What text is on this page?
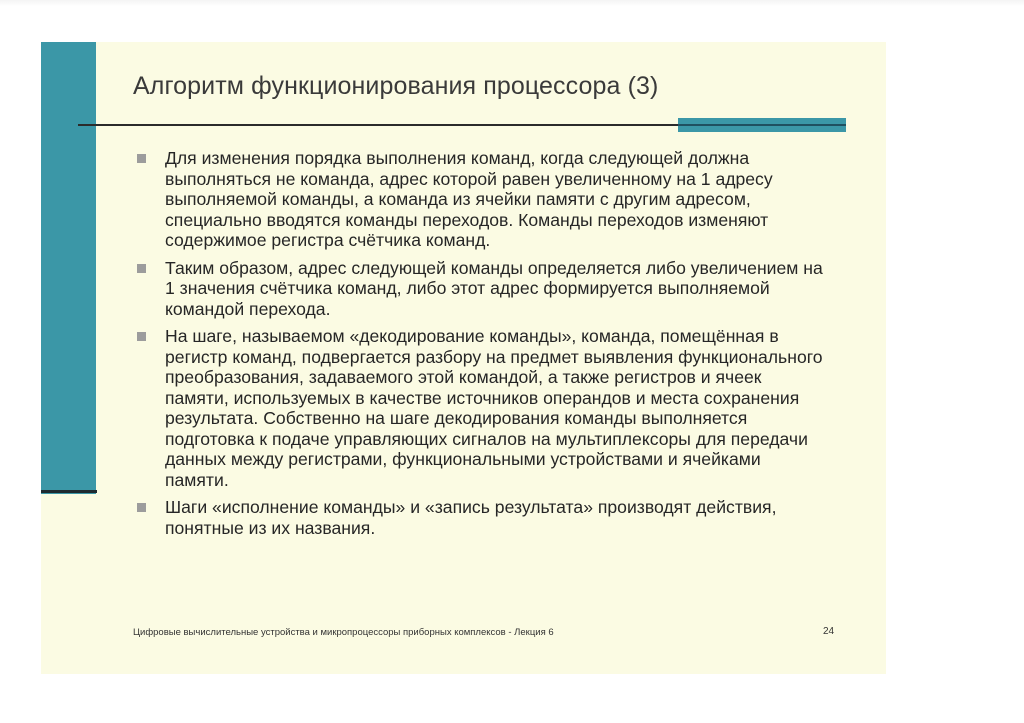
Алгоритм функционирования процессора (3)
Для изменения порядка выполнения команд, когда следующей должна выполняться не команда, адрес которой равен увеличенному на 1 адресу выполняемой команды, а команда из ячейки памяти с другим адресом, специально вводятся команды переходов. Команды переходов изменяют содержимое регистра счётчика команд.
Таким образом, адрес следующей команды определяется либо увеличением на 1 значения счётчика команд, либо этот адрес формируется выполняемой командой перехода.
На шаге, называемом «декодирование команды», команда, помещённая в регистр команд, подвергается разбору на предмет выявления функционального преобразования, задаваемого этой командой, а также регистров и ячеек памяти, используемых в качестве источников операндов и места сохранения результата. Собственно на шаге декодирования команды выполняется подготовка к подаче управляющих сигналов на мультиплексоры для передачи данных между регистрами, функциональными устройствами и ячейками памяти.
Шаги «исполнение команды» и «запись результата» производят действия, понятные из их названия.
Цифровые вычислительные устройства и микропроцессоры приборных комплексов - Лекция 6	24
